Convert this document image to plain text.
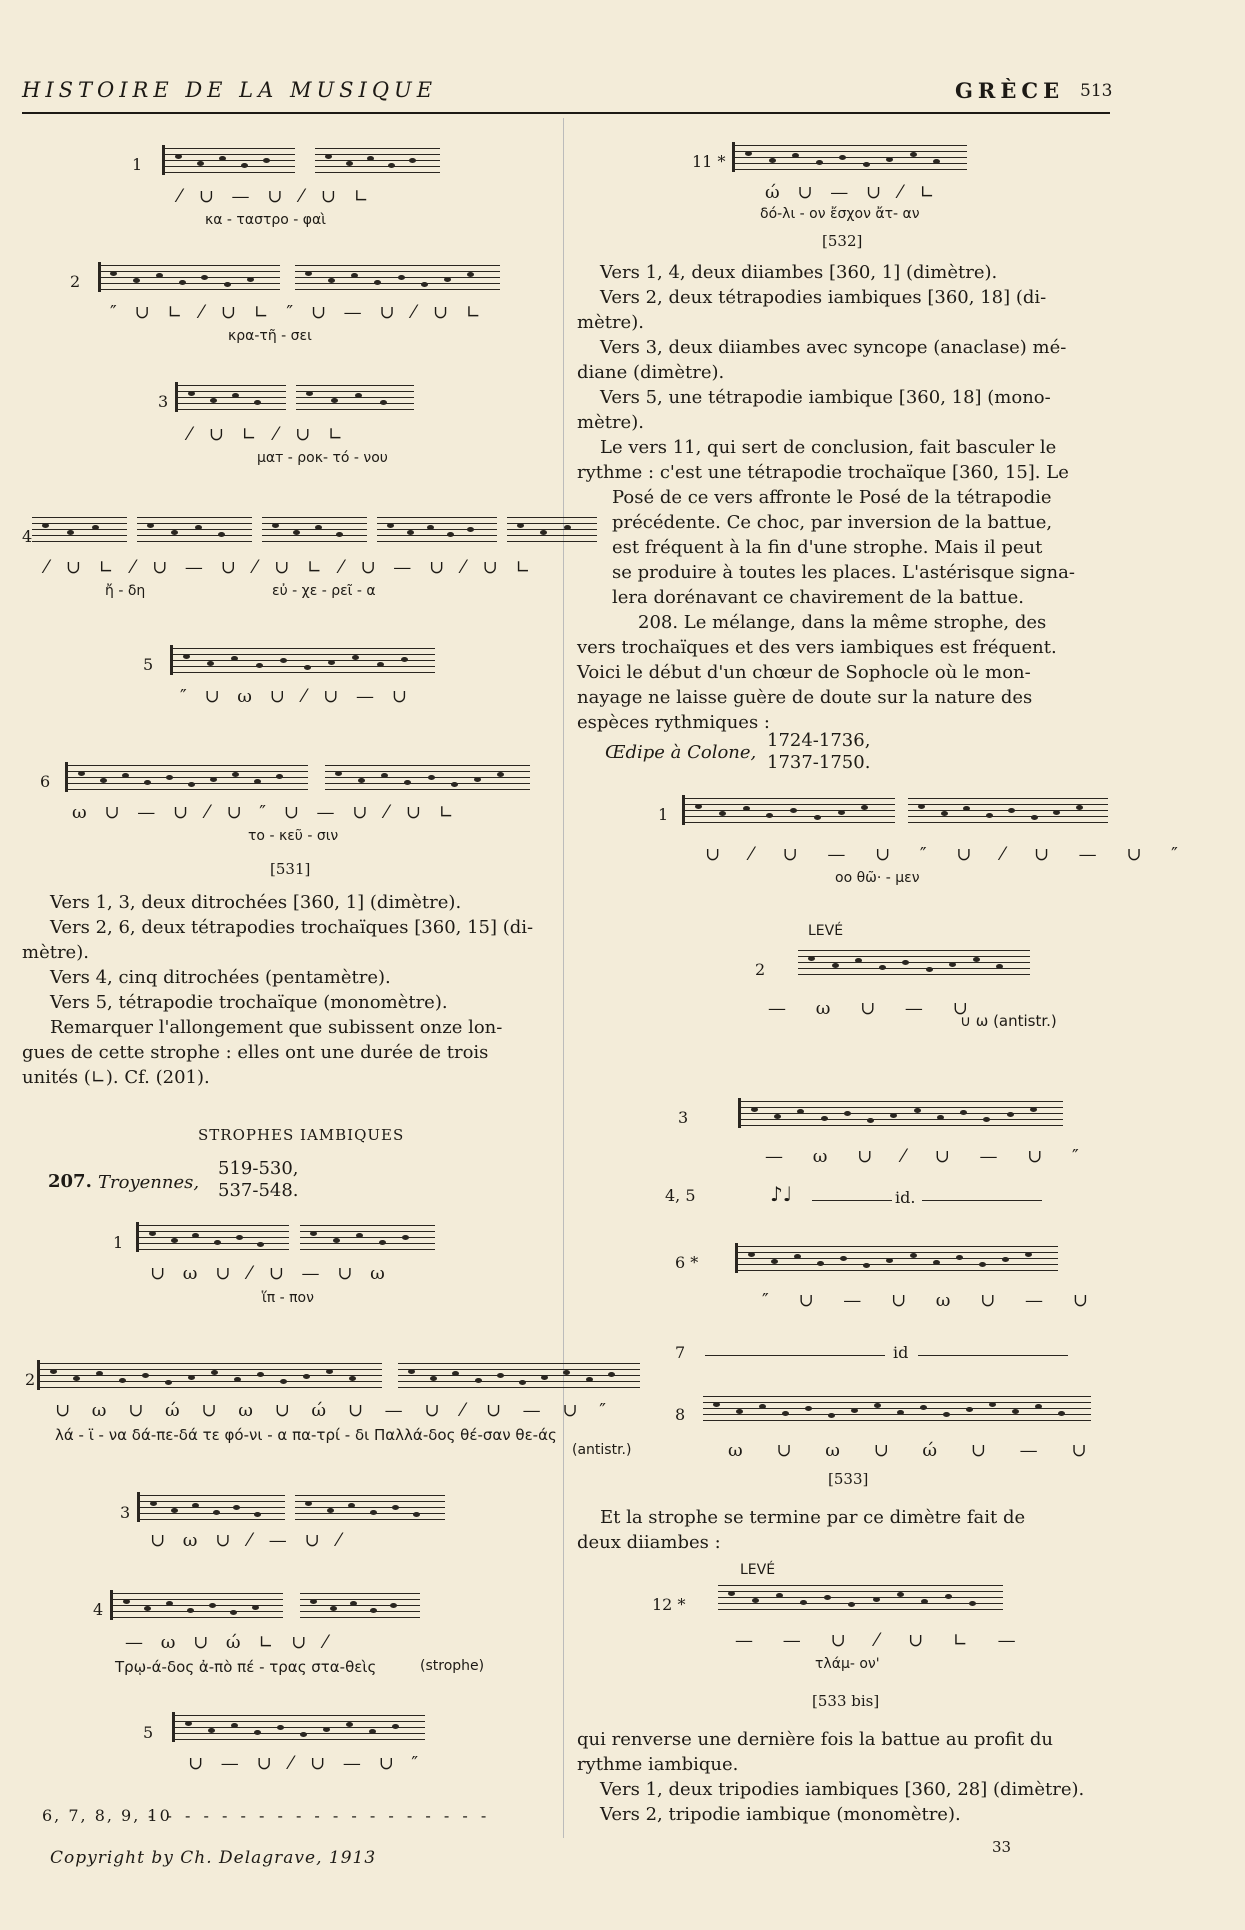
HISTOIRE DE LA MUSIQUE	GRÈCE 513
1
⁄ ∪ — ∪ ⁄ ∪ ∟
κα - ταστρο - φαὶ
2
″ ∪ ∟ ⁄ ∪ ∟ ″ ∪ — ∪ ⁄ ∪ ∟
κρα-τῆ - σει
3
⁄ ∪ ∟ ⁄ ∪ ∟
μαт - ροκ- τό - νου
4
⁄ ∪ ∟ ⁄ ∪ — ∪ ⁄ ∪ ∟ ⁄ ∪ — ∪ ⁄ ∪ ∟
ἤ - δη	εὐ - χε - ρεῖ - α
5
″ ∪ ω ∪ ⁄ ∪ — ∪
6
ω ∪ — ∪ ⁄ ∪ ″ ∪ — ∪ ⁄ ∪ ∟
το - κεῦ - σιν
[531]
Vers 1, 3, deux ditrochées [360, 1] (dimètre).
Vers 2, 6, deux tétrapodies trochaïques [360, 15] (di-
mètre).
Vers 4, cinq ditrochées (pentamètre).
Vers 5, tétrapodie trochaïque (monomètre).
Remarquer l'allongement que subissent onze lon-
gues de cette strophe : elles ont une durée de trois
unités (∟). Cf. (201).
STROPHES IAMBIQUES
207. Troyennes,
519-530,
537-548.
1
∪ ω ∪ ⁄ ∪ — ∪ ω
ἵπ - πον
2
∪ ω ∪ ώ ∪ ω ∪ ώ ∪ — ∪ ⁄ ∪ — ∪ ″
λά - ϊ - να δά-πε-δά τε φό-νι - α πα-τρί - δι Παλλά-δος θέ-σαν θε-άς
(antistr.)
3
∪ ω ∪ ⁄ — ∪ ⁄
4
— ω ∪ ώ ∟ ∪ ⁄
Τρῳ-ά-δος ἀ-πὸ πέ - τρας στα-θεὶς	(strophe)
5
∪ — ∪ ⁄ ∪ — ∪ ″
6, 7, 8, 9, 10
- - - - - - - - - - - - - - - - - - -
11 *
ώ ∪ — ∪ ⁄ ∟
δό-λι - ον ἔσχον ἄτ- αν
[532]
Vers 1, 4, deux diiambes [360, 1] (dimètre).
Vers 2, deux tétrapodies iambiques [360, 18] (di-
mètre).
Vers 3, deux diiambes avec syncope (anaclase) mé-
diane (dimètre).
Vers 5, une tétrapodie iambique [360, 18] (mono-
mètre).
Le vers 11, qui sert de conclusion, fait basculer le
rythme : c'est une tétrapodie trochaïque [360, 15]. Le
Posé de ce vers affronte le Posé de la tétrapodie
précédente. Ce choc, par inversion de la battue,
est fréquent à la fin d'une strophe. Mais il peut
se produire à toutes les places. L'astérisque signa-
lera dorénavant ce chavirement de la battue.
208. Le mélange, dans la même strophe, des
vers trochaïques et des vers iambiques est fréquent.
Voici le début d'un chœur de Sophocle où le mon-
nayage ne laisse guère de doute sur la nature des
espèces rythmiques :
Œdipe à Colone,
1724-1736,
1737-1750.
1
∪ ⁄ ∪ — ∪ ″ ∪ ⁄ ∪ — ∪ ″
οο θῶ· - μεν
LEVÉ
2
— ω ∪ — ∪
∪ ω (antistr.)
3
— ω ∪ ⁄ ∪ — ∪ ″
4, 5	♪♩	id.
6 *
″ ∪ — ∪ ω ∪ — ∪
7	id
8
ω ∪ ω ∪ ώ ∪ — ∪
[533]
Et la strophe se termine par ce dimètre fait de
deux diiambes :
LEVÉ
12 *
— — ∪ ⁄ ∪ ∟ —
τλάμ- ον'
[533 bis]
qui renverse une dernière fois la battue au profit du
rythme iambique.
Vers 1, deux tripodies iambiques [360, 28] (dimètre).
Vers 2, tripodie iambique (monomètre).
Copyright by Ch. Delagrave, 1913
33
